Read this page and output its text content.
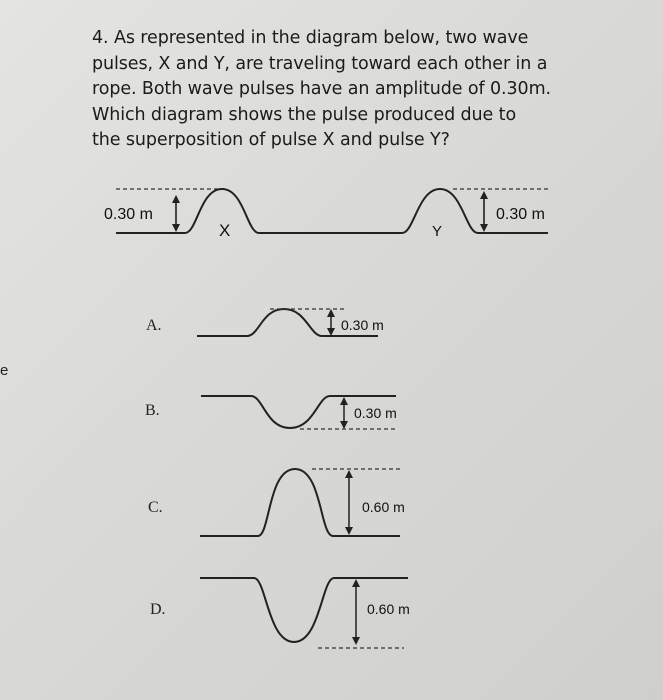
4. As represented in the diagram below, two wave
pulses, X and Y, are traveling toward each other in a
rope. Both wave pulses have an amplitude of 0.30m.
Which diagram shows the pulse produced due to
the superposition of pulse X and pulse Y?
e
0.30 m
X	Y
0.30 m
A.	0.30 m
B.	0.30 m
C.	0.60 m
D.	0.60 m
